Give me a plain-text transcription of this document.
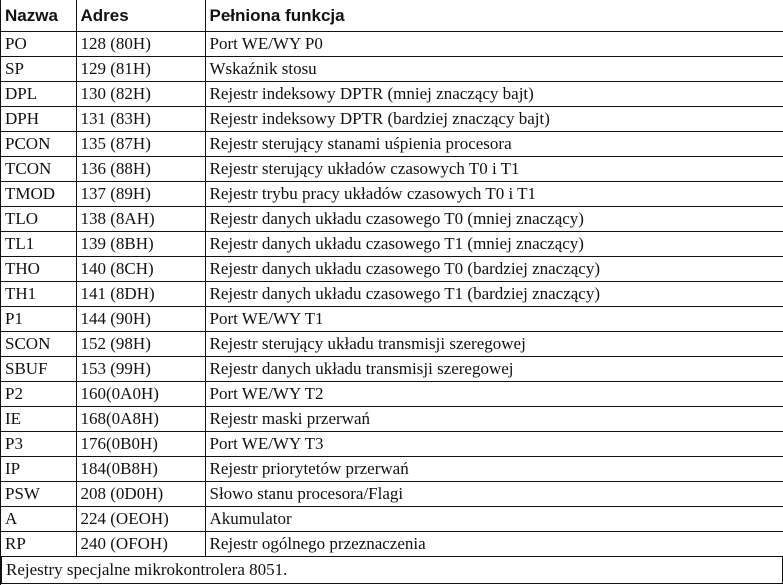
Nazwa	Adres	Pełniona funkcja
PO	128 (80H)	Port WE/WY P0
SP	129 (81H)	Wskaźnik stosu
DPL	130 (82H)	Rejestr indeksowy DPTR (mniej znaczący bajt)
DPH	131 (83H)	Rejestr indeksowy DPTR (bardziej znaczący bajt)
PCON	135 (87H)	Rejestr sterujący stanami uśpienia procesora
TCON	136 (88H)	Rejestr sterujący układów czasowych T0 i T1
TMOD	137 (89H)	Rejestr trybu pracy układów czasowych T0 i T1
TLO	138 (8AH)	Rejestr danych układu czasowego T0 (mniej znaczący)
TL1	139 (8BH)	Rejestr danych układu czasowego T1 (mniej znaczący)
THO	140 (8CH)	Rejestr danych układu czasowego T0 (bardziej znaczący)
TH1	141 (8DH)	Rejestr danych układu czasowego T1 (bardziej znaczący)
P1	144 (90H)	Port WE/WY T1
SCON	152 (98H)	Rejestr sterujący układu transmisji szeregowej
SBUF	153 (99H)	Rejestr danych układu transmisji szeregowej
P2	160(0A0H)	Port WE/WY T2
IE	168(0A8H)	Rejestr maski przerwań
P3	176(0B0H)	Port WE/WY T3
IP	184(0B8H)	Rejestr priorytetów przerwań
PSW	208 (0D0H)	Słowo stanu procesora/Flagi
A	224 (OEOH)	Akumulator
RP	240 (OFOH)	Rejestr ogólnego przeznaczenia
Rejestry specjalne mikrokontrolera 8051.
